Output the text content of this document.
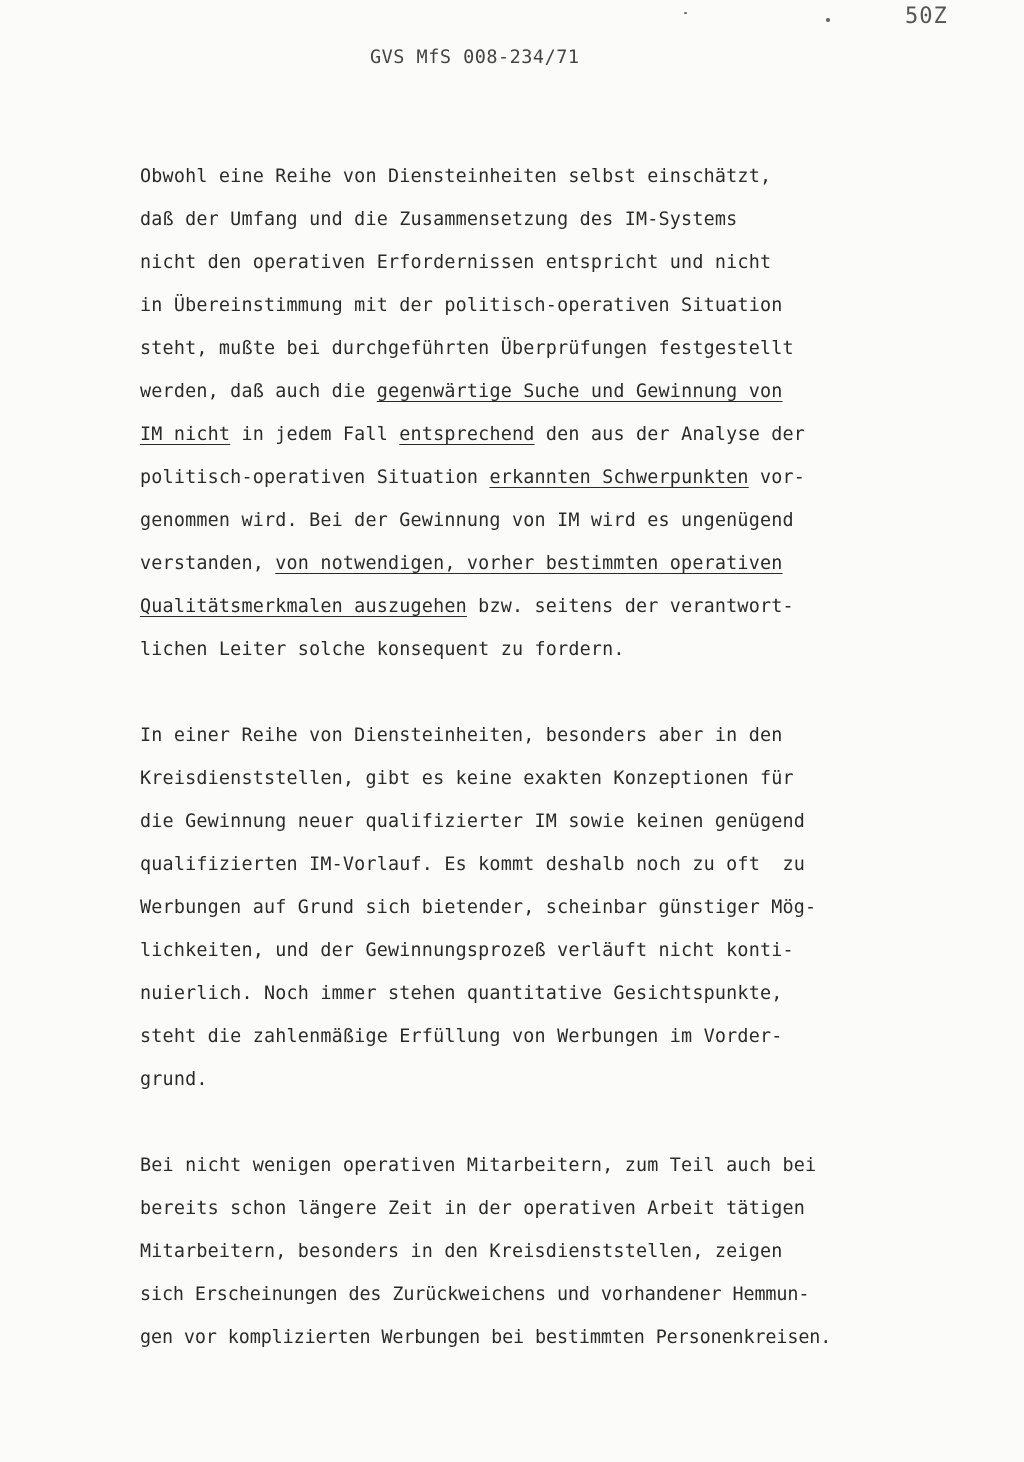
50Z
GVS MfS 008-234/71
Obwohl eine Reihe von Diensteinheiten selbst einschätzt,
daß der Umfang und die Zusammensetzung des IM-Systems
nicht den operativen Erfordernissen entspricht und nicht
in Übereinstimmung mit der politisch-operativen Situation
steht, mußte bei durchgeführten Überprüfungen festgestellt
werden, daß auch die gegenwärtige Suche und Gewinnung von
IM nicht in jedem Fall entsprechend den aus der Analyse der
politisch-operativen Situation erkannten Schwerpunkten vor-
genommen wird. Bei der Gewinnung von IM wird es ungenügend
verstanden, von notwendigen, vorher bestimmten operativen
Qualitätsmerkmalen auszugehen bzw. seitens der verantwort-
lichen Leiter solche konsequent zu fordern.
In einer Reihe von Diensteinheiten, besonders aber in den
Kreisdienststellen, gibt es keine exakten Konzeptionen für
die Gewinnung neuer qualifizierter IM sowie keinen genügend
qualifizierten IM-Vorlauf. Es kommt deshalb noch zu oft  zu
Werbungen auf Grund sich bietender, scheinbar günstiger Mög-
lichkeiten, und der Gewinnungsprozeß verläuft nicht konti-
nuierlich. Noch immer stehen quantitative Gesichtspunkte,
steht die zahlenmäßige Erfüllung von Werbungen im Vorder-
grund.
Bei nicht wenigen operativen Mitarbeitern, zum Teil auch bei
bereits schon längere Zeit in der operativen Arbeit tätigen
Mitarbeitern, besonders in den Kreisdienststellen, zeigen
sich Erscheinungen des Zurückweichens und vorhandener Hemmun-
gen vor komplizierten Werbungen bei bestimmten Personenkreisen.
